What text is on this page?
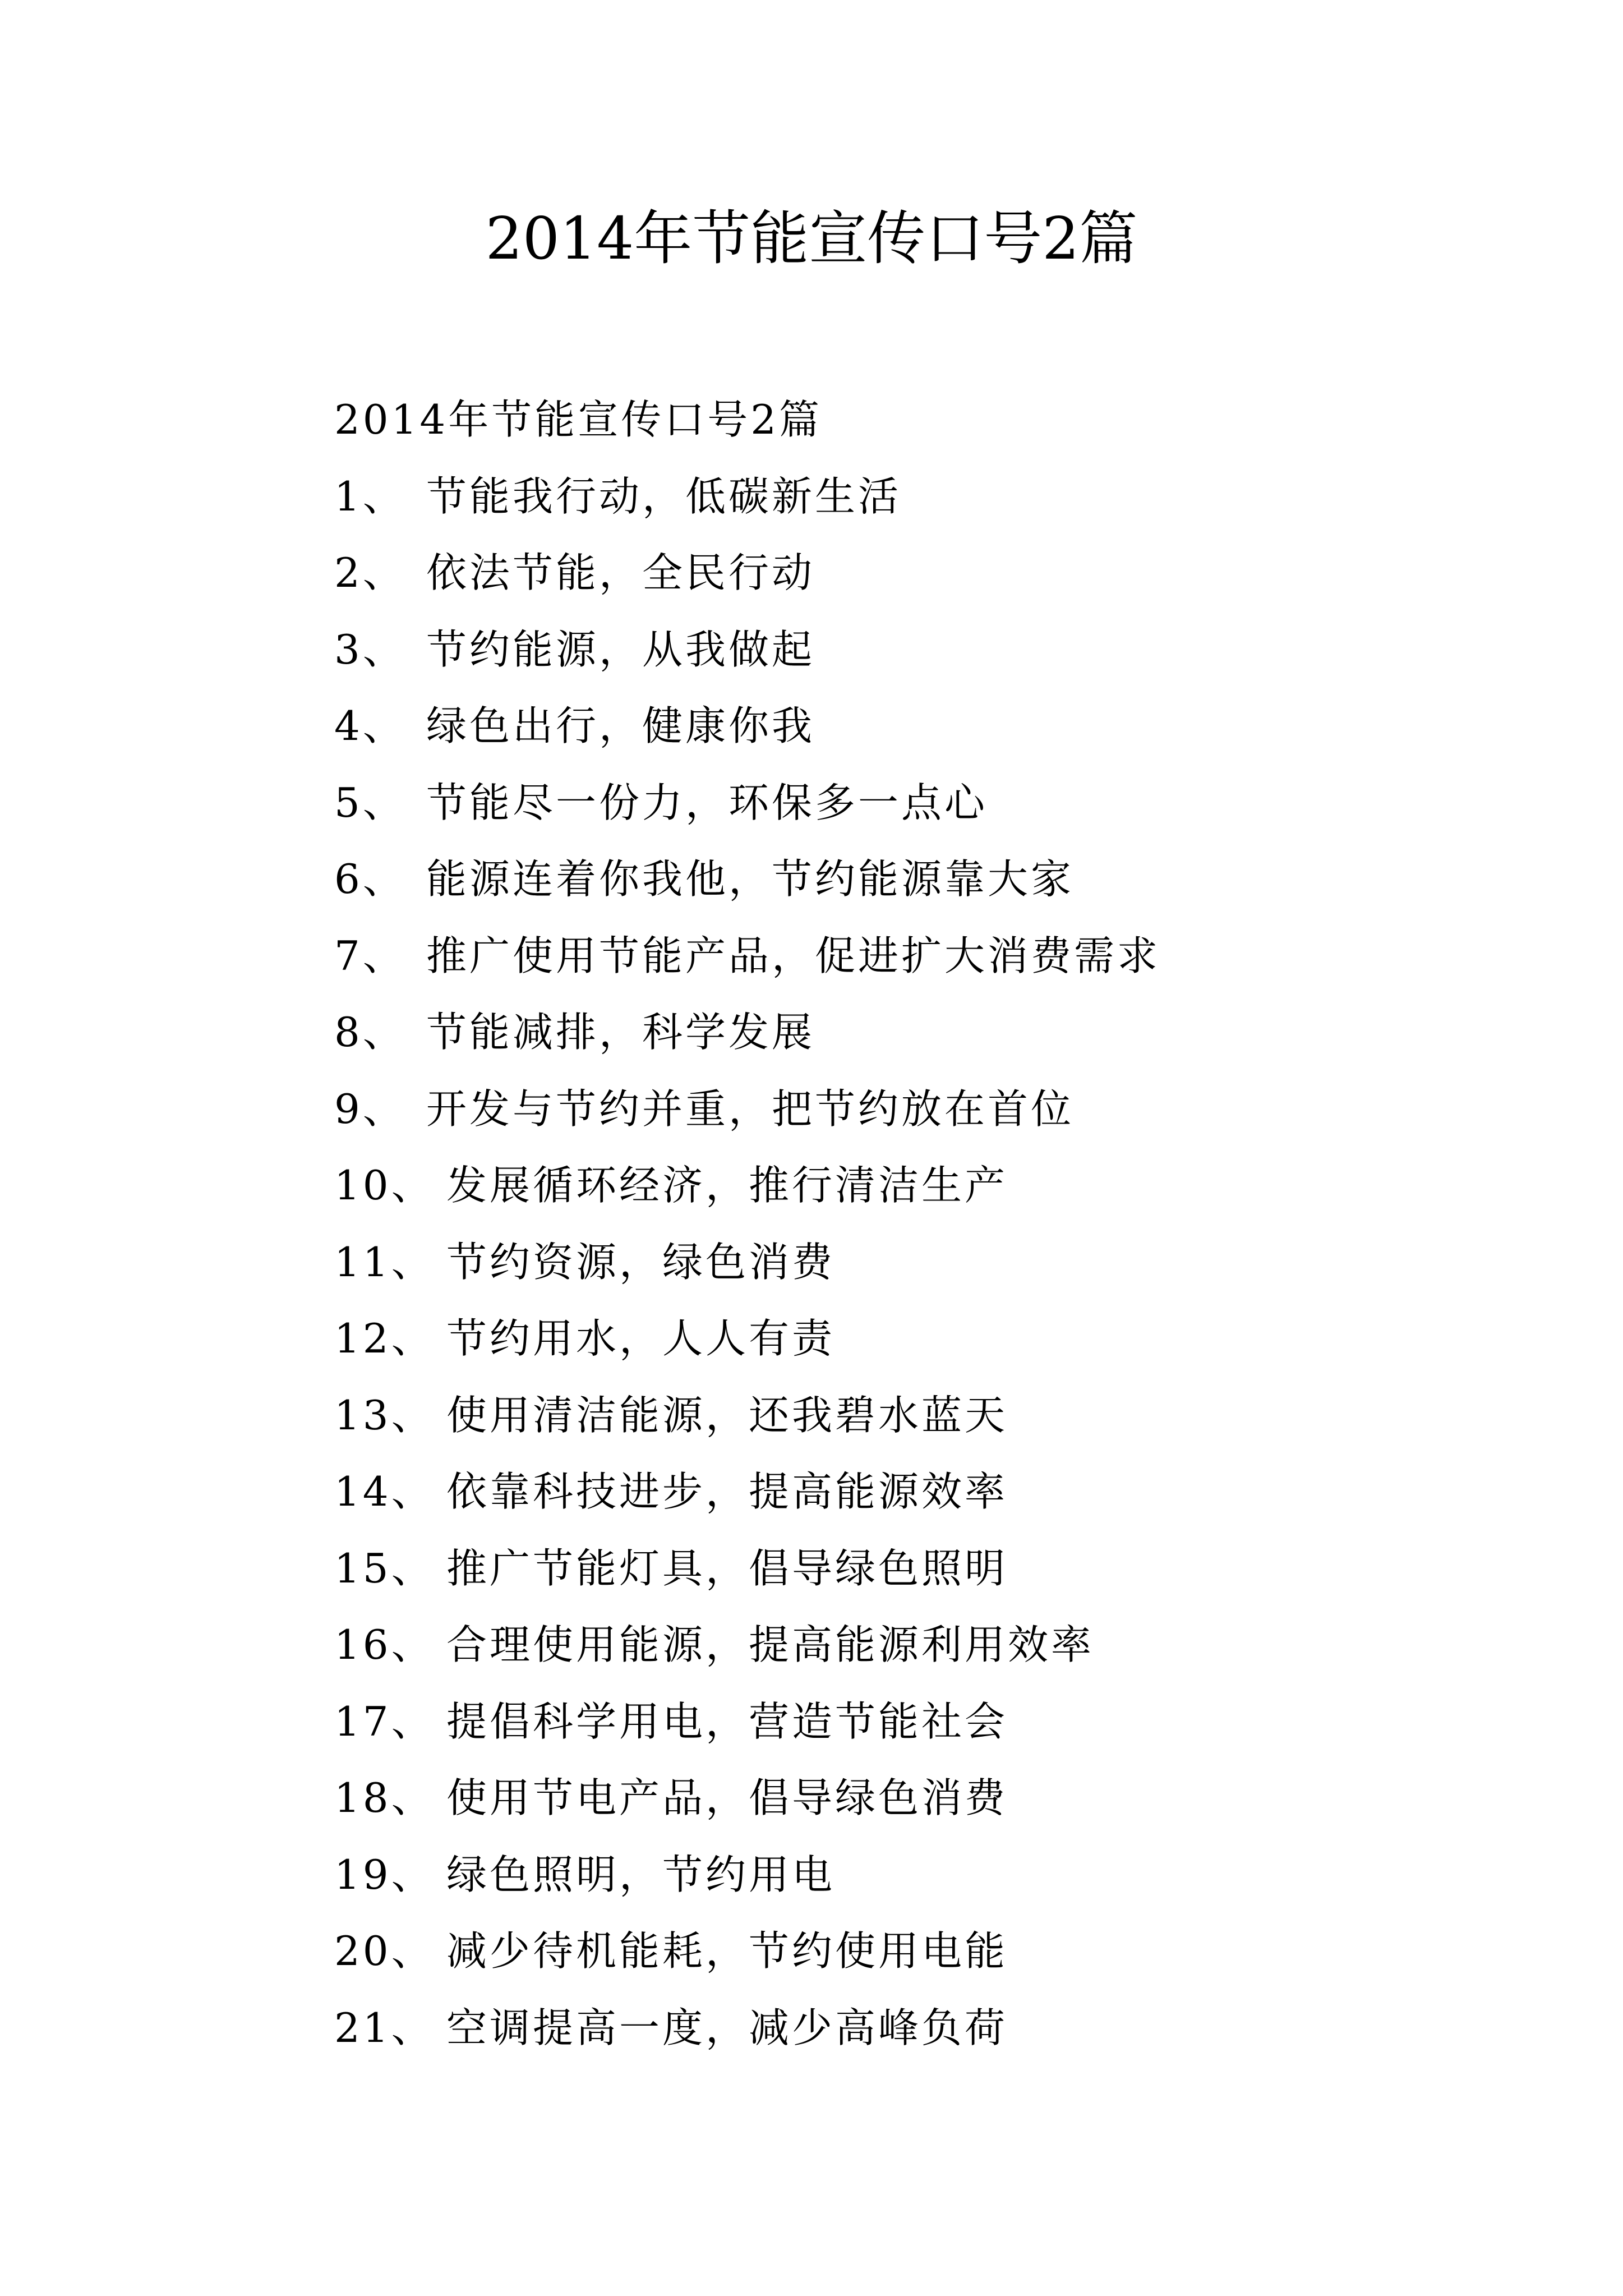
2014年节能宣传口号2篇
2014年节能宣传口号2篇
1、 节能我行动，低碳新生活
2、 依法节能，全民行动
3、 节约能源，从我做起
4、 绿色出行，健康你我
5、 节能尽一份力，环保多一点心
6、 能源连着你我他，节约能源靠大家
7、 推广使用节能产品，促进扩大消费需求
8、 节能减排，科学发展
9、 开发与节约并重，把节约放在首位
10、 发展循环经济，推行清洁生产
11、 节约资源，绿色消费
12、 节约用水，人人有责
13、 使用清洁能源，还我碧水蓝天
14、 依靠科技进步，提高能源效率
15、 推广节能灯具，倡导绿色照明
16、 合理使用能源，提高能源利用效率
17、 提倡科学用电，营造节能社会
18、 使用节电产品，倡导绿色消费
19、 绿色照明，节约用电
20、 减少待机能耗，节约使用电能
21、 空调提高一度，减少高峰负荷
